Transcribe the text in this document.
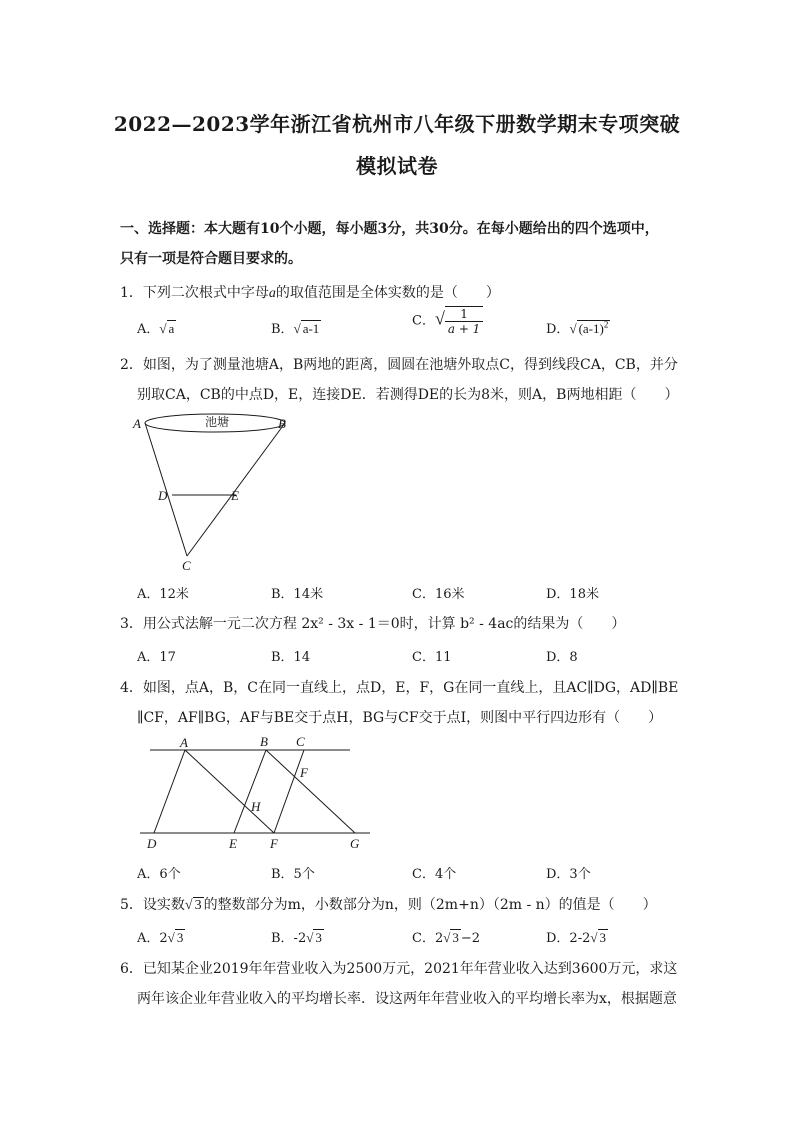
2022—2023学年浙江省杭州市八年级下册数学期末专项突破
模拟试卷
一、选择题：本大题有10个小题，每小题3分，共30分。在每小题给出的四个选项中，
只有一项是符合题目要求的。
1．下列二次根式中字母a的取值范围是全体实数的是（　　）
A．√ a	B．√ a-1	C．√ $\frac{1}{a + 1}$	D．√ $(a-1)^2$
2．如图，为了测量池塘A，B两地的距离，圆圆在池塘外取点C，得到线段CA，CB，并分
别取CA，CB的中点D，E，连接DE．若测得DE的长为8米，则A，B两地相距（　　）
池塘
A	B
D	E
C
A．12米	B．14米	C．16米	D．18米
3．用公式法解一元二次方程 2x² - 3x - 1＝0时，计算 b² - 4ac的结果为（　　）
A．17	B．14	C．11	D．8
4．如图，点A，B，C在同一直线上，点D，E，F，G在同一直线上，且AC∥DG，AD∥BE
∥CF，AF∥BG，AF与BE交于点H，BG与CF交于点I，则图中平行四边形有（　　）
A	B C
F
H
D	E	F	G
A．6个	B．5个	C．4个	D．3个
5．设实数√ 3 的整数部分为m，小数部分为n，则（2m+n）（2m - n）的值是（　　）
A．2√ 3	B．-2√ 3	C．2√ 3 −2	D．2-2√ 3
6．已知某企业2019年年营业收入为2500万元，2021年年营业收入达到3600万元，求这
两年该企业年营业收入的平均增长率．设这两年年营业收入的平均增长率为x，根据题意
